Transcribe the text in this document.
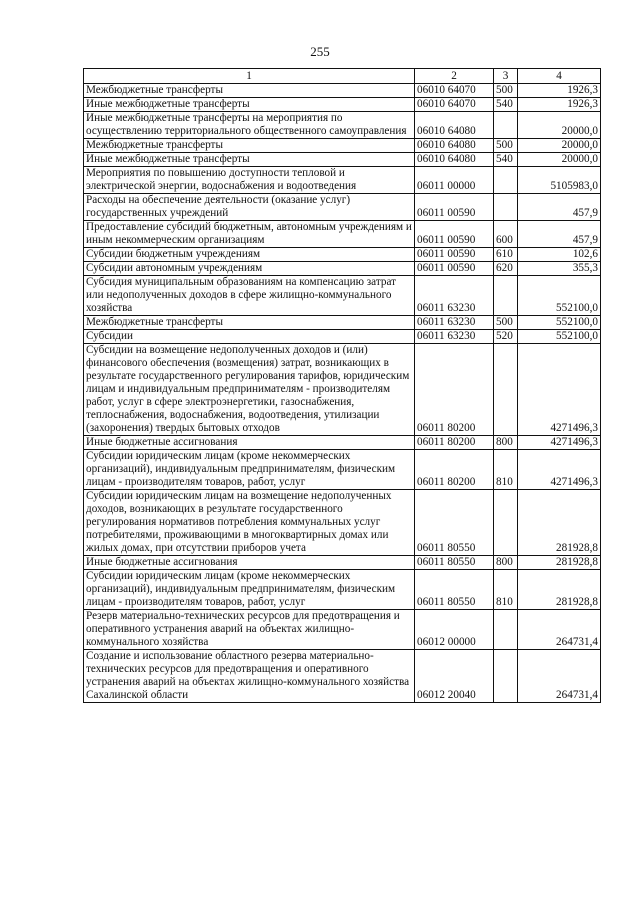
255
1	2	3	4
Межбюджетные трансферты	06010 64070	500	1926,3
Иные межбюджетные трансферты	06010 64070	540	1926,3
Иные межбюджетные трансферты на мероприятия по осуществлению территориального общественного самоуправления	06010 64080		20000,0
Межбюджетные трансферты	06010 64080	500	20000,0
Иные межбюджетные трансферты	06010 64080	540	20000,0
Мероприятия по повышению доступности тепловой и электрической энергии, водоснабжения и водоотведения	06011 00000		5105983,0
Расходы на обеспечение деятельности (оказание услуг) государственных учреждений	06011 00590		457,9
Предоставление субсидий бюджетным, автономным учреждениям и иным некоммерческим организациям	06011 00590	600	457,9
Субсидии бюджетным учреждениям	06011 00590	610	102,6
Субсидии автономным учреждениям	06011 00590	620	355,3
Субсидия муниципальным образованиям на компенсацию затрат или недополученных доходов в сфере жилищно-коммунального хозяйства	06011 63230		552100,0
Межбюджетные трансферты	06011 63230	500	552100,0
Субсидии	06011 63230	520	552100,0
Субсидии на возмещение недополученных доходов и (или) финансового обеспечения (возмещения) затрат, возникающих в результате государственного регулирования тарифов, юридическим лицам и индивидуальным предпринимателям - производителям работ, услуг в сфере электроэнергетики, газоснабжения, теплоснабжения, водоснабжения, водоотведения, утилизации (захоронения) твердых бытовых отходов	06011 80200		4271496,3
Иные бюджетные ассигнования	06011 80200	800	4271496,3
Субсидии юридическим лицам (кроме некоммерческих организаций), индивидуальным предпринимателям, физическим лицам - производителям товаров, работ, услуг	06011 80200	810	4271496,3
Субсидии юридическим лицам на возмещение недополученных доходов, возникающих в результате государственного регулирования нормативов потребления коммунальных услуг потребителями, проживающими в многоквартирных домах или жилых домах, при отсутствии приборов учета	06011 80550		281928,8
Иные бюджетные ассигнования	06011 80550	800	281928,8
Субсидии юридическим лицам (кроме некоммерческих организаций), индивидуальным предпринимателям, физическим лицам - производителям товаров, работ, услуг	06011 80550	810	281928,8
Резерв материально-технических ресурсов для предотвращения и оперативного устранения аварий на объектах жилищно-коммунального хозяйства	06012 00000		264731,4
Создание и использование областного резерва материально-технических ресурсов для предотвращения и оперативного устранения аварий на объектах жилищно-коммунального хозяйства Сахалинской области	06012 20040		264731,4
